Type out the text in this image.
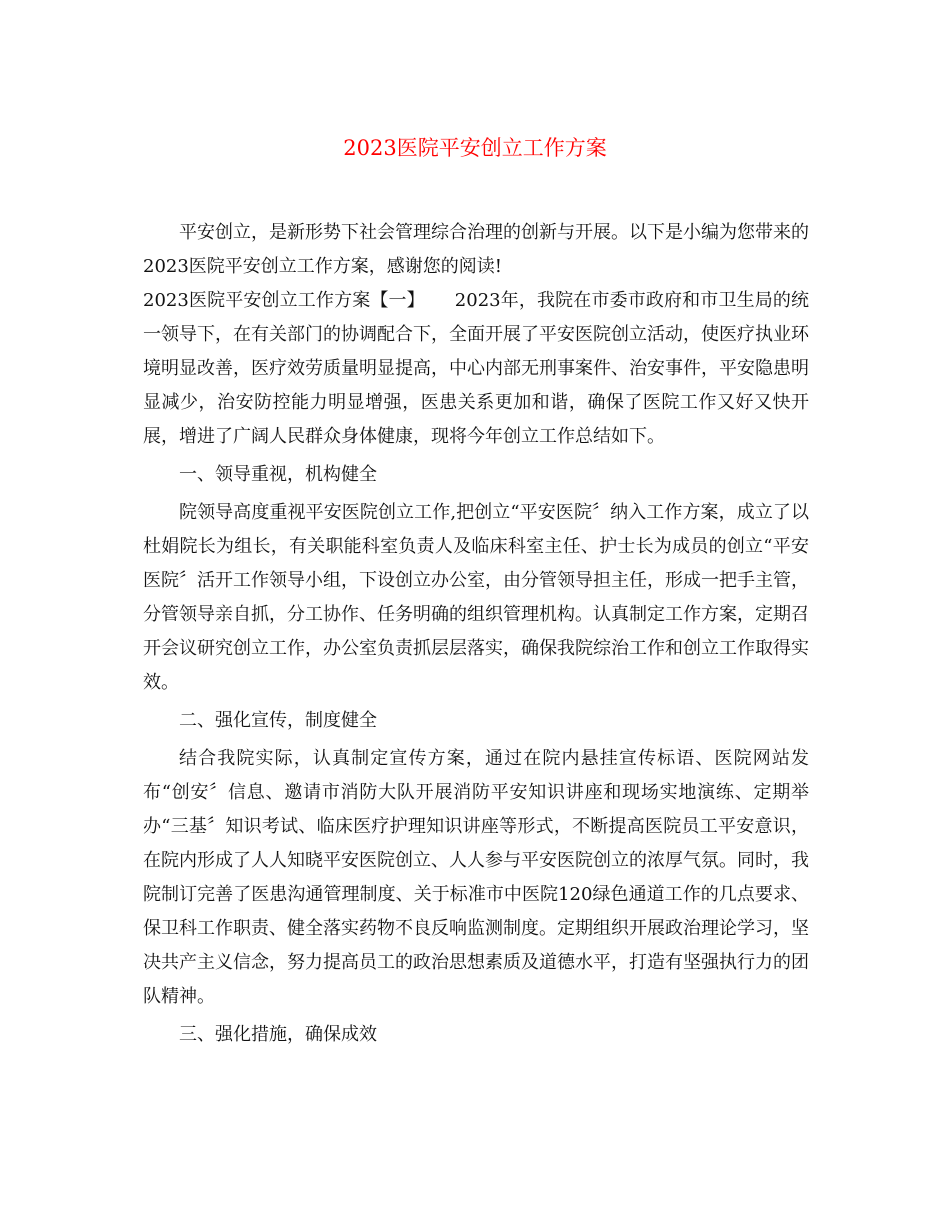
2023医院平安创立工作方案

平安创立，是新形势下社会管理综合治理的创新与开展。以下是小编为您带来的2023医院平安创立工作方案，感谢您的阅读!

2023医院平安创立工作方案【一】 2023年，我院在市委市政府和市卫生局的统一领导下，在有关部门的协调配合下，全面开展了平安医院创立活动，使医疗执业环境明显改善，医疗效劳质量明显提高，中心内部无刑事案件、治安事件，平安隐患明显减少，治安防控能力明显增强，医患关系更加和谐，确保了医院工作又好又快开展，增进了广阔人民群众身体健康，现将今年创立工作总结如下。

一、领导重视，机构健全

院领导高度重视平安医院创立工作,把创立“平安医院〞纳入工作方案，成立了以杜娟院长为组长，有关职能科室负责人及临床科室主任、护士长为成员的创立“平安医院〞活开工作领导小组，下设创立办公室，由分管领导担主任，形成一把手主管，分管领导亲自抓，分工协作、任务明确的组织管理机构。认真制定工作方案，定期召开会议研究创立工作，办公室负责抓层层落实，确保我院综治工作和创立工作取得实效。

二、强化宣传，制度健全

结合我院实际，认真制定宣传方案，通过在院内悬挂宣传标语、医院网站发布“创安〞信息、邀请市消防大队开展消防平安知识讲座和现场实地演练、定期举办“三基〞知识考试、临床医疗护理知识讲座等形式，不断提高医院员工平安意识，在院内形成了人人知晓平安医院创立、人人参与平安医院创立的浓厚气氛。同时，我院制订完善了医患沟通管理制度、关于标准市中医院120绿色通道工作的几点要求、保卫科工作职责、健全落实药物不良反响监测制度。定期组织开展政治理论学习，坚决共产主义信念，努力提高员工的政治思想素质及道德水平，打造有坚强执行力的团队精神。

三、强化措施，确保成效
